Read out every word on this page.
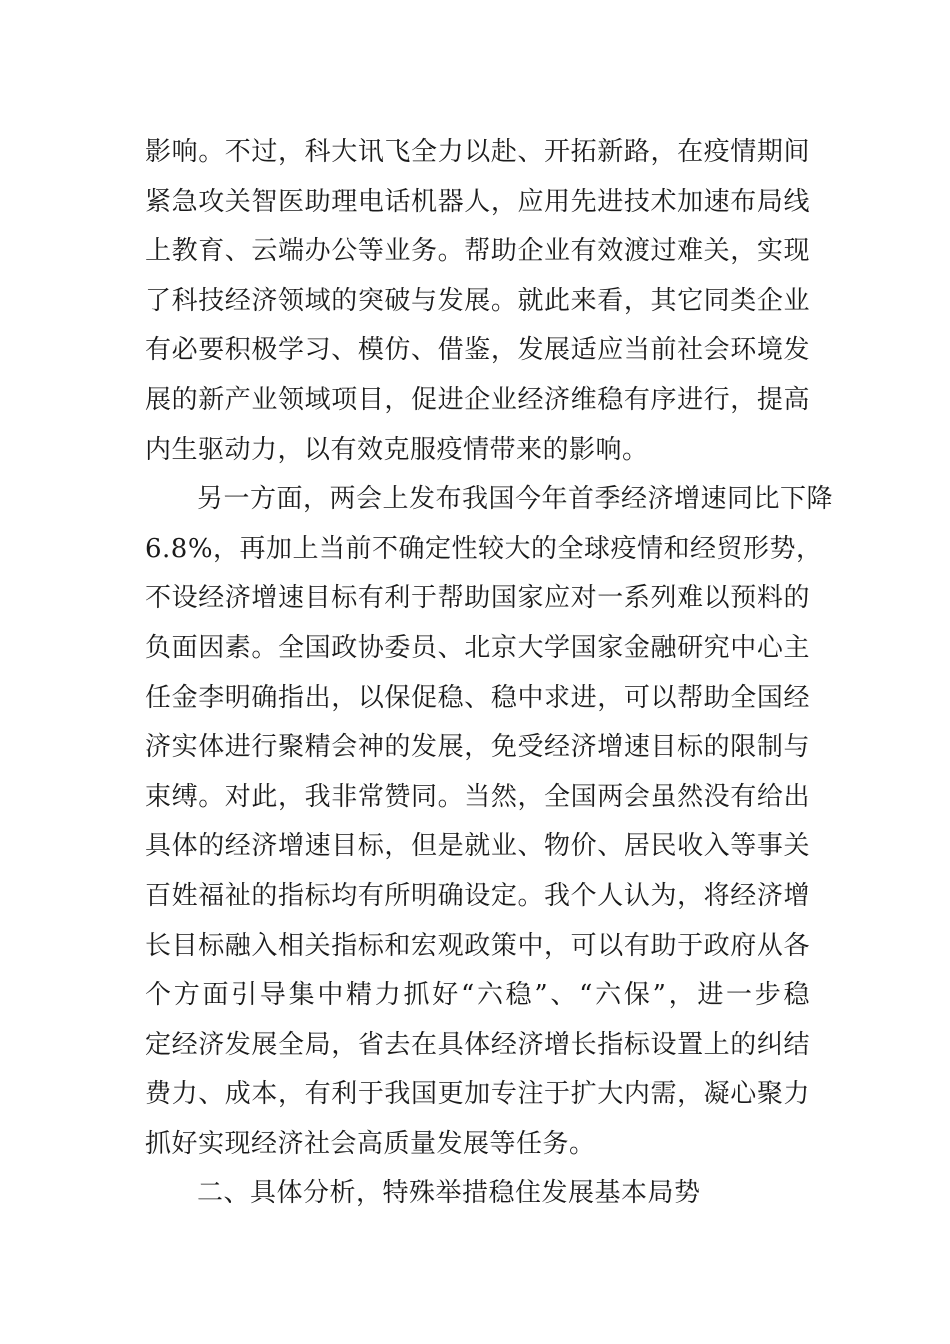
影响。不过，科大讯飞全力以赴、开拓新路，在疫情期间
紧急攻关智医助理电话机器人，应用先进技术加速布局线
上教育、云端办公等业务。帮助企业有效渡过难关，实现
了科技经济领域的突破与发展。就此来看，其它同类企业
有必要积极学习、模仿、借鉴，发展适应当前社会环境发
展的新产业领域项目，促进企业经济维稳有序进行，提高
内生驱动力，以有效克服疫情带来的影响。
另一方面，两会上发布我国今年首季经济增速同比下降
6.8%，再加上当前不确定性较大的全球疫情和经贸形势，
不设经济增速目标有利于帮助国家应对一系列难以预料的
负面因素。全国政协委员、北京大学国家金融研究中心主
任金李明确指出，以保促稳、稳中求进，可以帮助全国经
济实体进行聚精会神的发展，免受经济增速目标的限制与
束缚。对此，我非常赞同。当然，全国两会虽然没有给出
具体的经济增速目标，但是就业、物价、居民收入等事关
百姓福祉的指标均有所明确设定。我个人认为，将经济增
长目标融入相关指标和宏观政策中，可以有助于政府从各
个方面引导集中精力抓好“六稳”、“六保”，进一步稳
定经济发展全局，省去在具体经济增长指标设置上的纠结
费力、成本，有利于我国更加专注于扩大内需，凝心聚力
抓好实现经济社会高质量发展等任务。
二、具体分析，特殊举措稳住发展基本局势
